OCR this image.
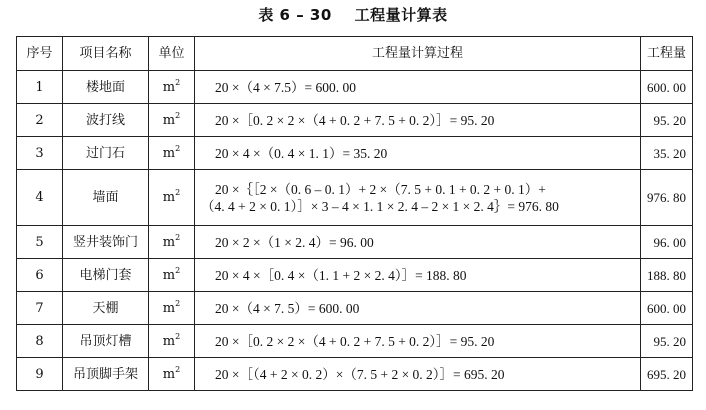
表 6 – 30    工程量计算表
序号	项目名称	单位	工程量计算过程	工程量
1	楼地面	$m^2$	20 ×（4 × 7.5）= 600. 00	600. 00
2	波打线	$m^2$	20 ×［0. 2 × 2 ×（4 + 0. 2 + 7. 5 + 0. 2）］= 95. 20	95. 20
3	过门石	$m^2$	20 × 4 ×（0. 4 × 1. 1）= 35. 20	35. 20
4	墙面	$m^2$	20 ×｛［2 ×（0. 6 – 0. 1）+ 2 ×（7. 5 + 0. 1 + 0. 2 + 0. 1）+
（4. 4 + 2 × 0. 1）］× 3 – 4 × 1. 1 × 2. 4 – 2 × 1 × 2. 4｝= 976. 80	976. 80
5	竖井装饰门	$m^2$	20 × 2 ×（1 × 2. 4）= 96. 00	96. 00
6	电梯门套	$m^2$	20 × 4 ×［0. 4 ×（1. 1 + 2 × 2. 4）］= 188. 80	188. 80
7	天棚	$m^2$	20 ×（4 × 7. 5）= 600. 00	600. 00
8	吊顶灯槽	$m^2$	20 ×［0. 2 × 2 ×（4 + 0. 2 + 7. 5 + 0. 2）］= 95. 20	95. 20
9	吊顶脚手架	$m^2$	20 ×［（4 + 2 × 0. 2）×（7. 5 + 2 × 0. 2）］= 695. 20	695. 20
